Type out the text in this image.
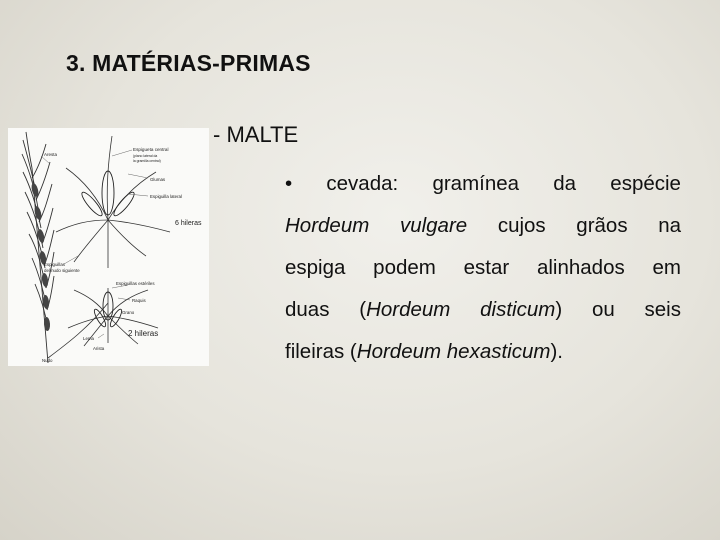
3. MATÉRIAS-PRIMAS
- MALTE
Aresta
Espigueta central
(plano lateral da
la gramilla central)
Glumas
Espiguilla lateral
6 hileras
Espiguillas
del nudo siguiente
Espiguillas estériles
Raquis
Grano
2 hileras
Lema
Arista
Nudo
• cevada: gramínea da espécie
Hordeum vulgare cujos grãos na
espiga podem estar alinhados em
duas (Hordeum disticum) ou seis
fileiras (Hordeum hexasticum).
